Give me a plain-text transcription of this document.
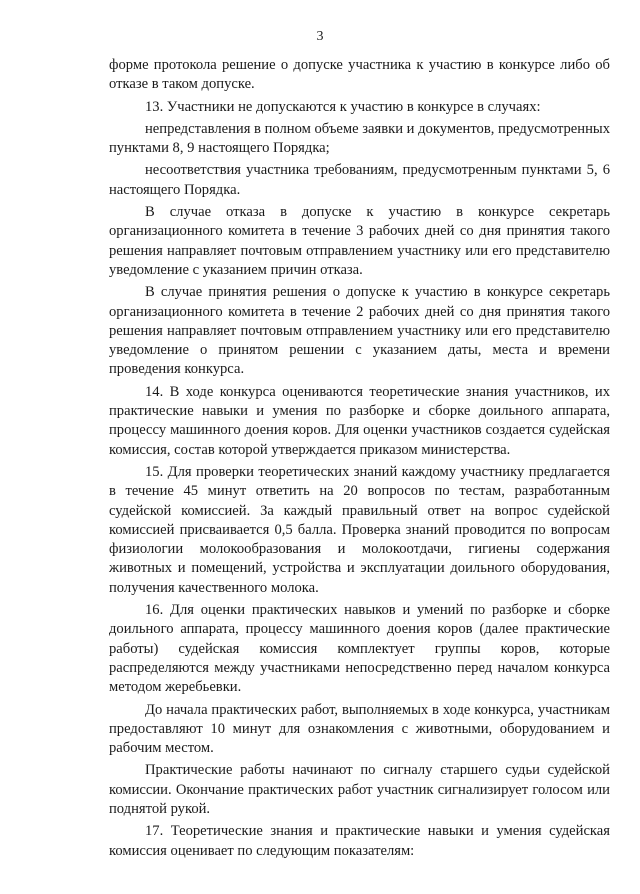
3

форме протокола решение о допуске участника к участию в конкурсе либо об отказе в таком допуске.

13. Участники не допускаются к участию в конкурсе в случаях:

непредставления в полном объеме заявки и документов, предусмотренных пунктами 8, 9 настоящего Порядка;

несоответствия участника требованиям, предусмотренным пунктами 5, 6 настоящего Порядка.

В случае отказа в допуске к участию в конкурсе секретарь организационного комитета в течение 3 рабочих дней со дня принятия такого решения направляет почтовым отправлением участнику или его представителю уведомление с указанием причин отказа.

В случае принятия решения о допуске к участию в конкурсе секретарь организационного комитета в течение 2 рабочих дней со дня принятия такого решения направляет почтовым отправлением участнику или его представителю уведомление о принятом решении с указанием даты, места и времени проведения конкурса.

14. В ходе конкурса оцениваются теоретические знания участников, их практические навыки и умения по разборке и сборке доильного аппарата, процессу машинного доения коров. Для оценки участников создается судейская комиссия, состав которой утверждается приказом министерства.

15. Для проверки теоретических знаний каждому участнику предлагается в течение 45 минут ответить на 20 вопросов по тестам, разработанным судейской комиссией. За каждый правильный ответ на вопрос судейской комиссией присваивается 0,5 балла. Проверка знаний проводится по вопросам физиологии молокообразования и молокоотдачи, гигиены содержания животных и помещений, устройства и эксплуатации доильного оборудования, получения качественного молока.

16. Для оценки практических навыков и умений по разборке и сборке доильного аппарата, процессу машинного доения коров (далее практические работы) судейская комиссия комплектует группы коров, которые распределяются между участниками непосредственно перед началом конкурса методом жеребьевки.

До начала практических работ, выполняемых в ходе конкурса, участникам предоставляют 10 минут для ознакомления с животными, оборудованием и рабочим местом.

Практические работы начинают по сигналу старшего судьи судейской комиссии. Окончание практических работ участник сигнализирует голосом или поднятой рукой.

17. Теоретические знания и практические навыки и умения судейская комиссия оценивает по следующим показателям:
